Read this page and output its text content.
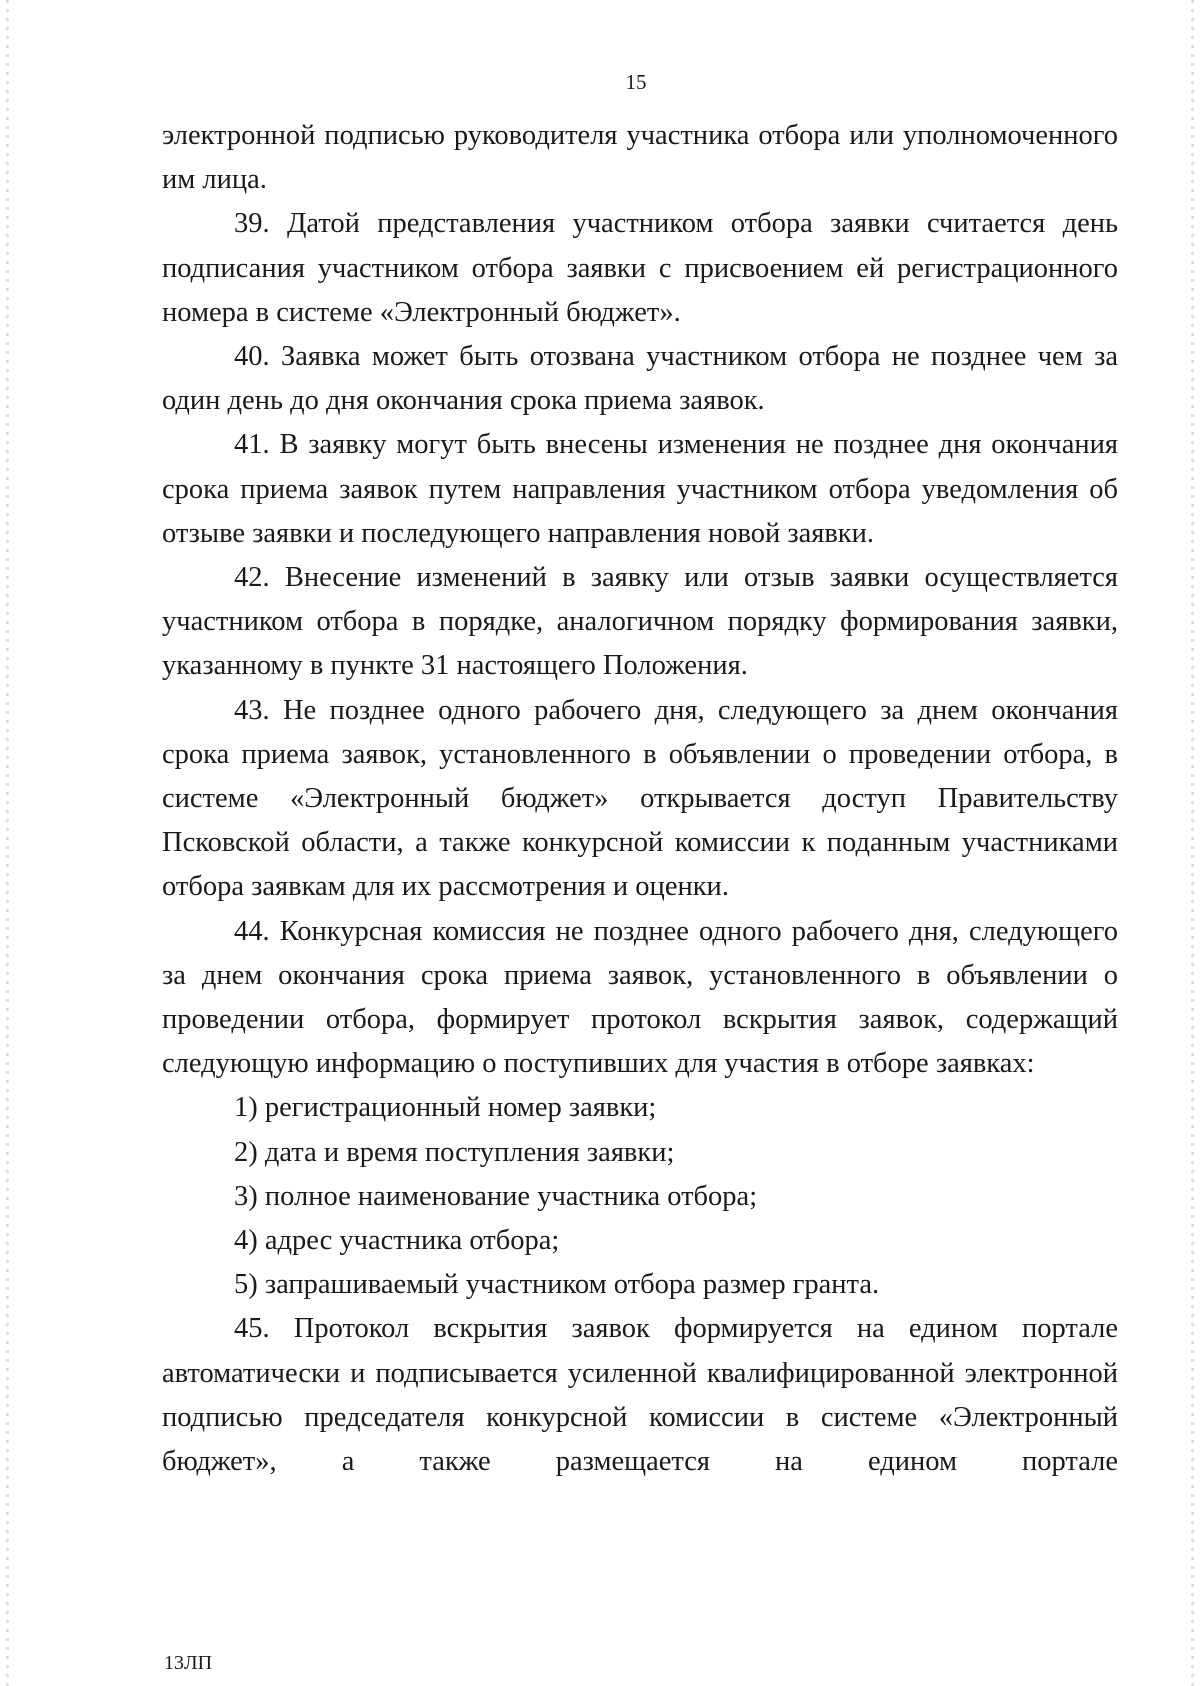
15

электронной подписью руководителя участника отбора или уполномоченного им лица.

39. Датой представления участником отбора заявки считается день подписания участником отбора заявки с присвоением ей регистрационного номера в системе «Электронный бюджет».

40. Заявка может быть отозвана участником отбора не позднее чем за один день до дня окончания срока приема заявок.

41. В заявку могут быть внесены изменения не позднее дня окончания срока приема заявок путем направления участником отбора уведомления об отзыве заявки и последующего направления новой заявки.

42. Внесение изменений в заявку или отзыв заявки осуществляется участником отбора в порядке, аналогичном порядку формирования заявки, указанному в пункте 31 настоящего Положения.

43. Не позднее одного рабочего дня, следующего за днем окончания срока приема заявок, установленного в объявлении о проведении отбора, в системе «Электронный бюджет» открывается доступ Правительству Псковской области, а также конкурсной комиссии к поданным участниками отбора заявкам для их рассмотрения и оценки.

44. Конкурсная комиссия не позднее одного рабочего дня, следующего за днем окончания срока приема заявок, установленного в объявлении о проведении отбора, формирует протокол вскрытия заявок, содержащий следующую информацию о поступивших для участия в отборе заявках:

1) регистрационный номер заявки;

2) дата и время поступления заявки;

3) полное наименование участника отбора;

4) адрес участника отбора;

5) запрашиваемый участником отбора размер гранта.

45. Протокол вскрытия заявок формируется на едином портале автоматически и подписывается усиленной квалифицированной электронной подписью председателя конкурсной комиссии в системе «Электронный бюджет», а также размещается на едином портале

13ЛП
